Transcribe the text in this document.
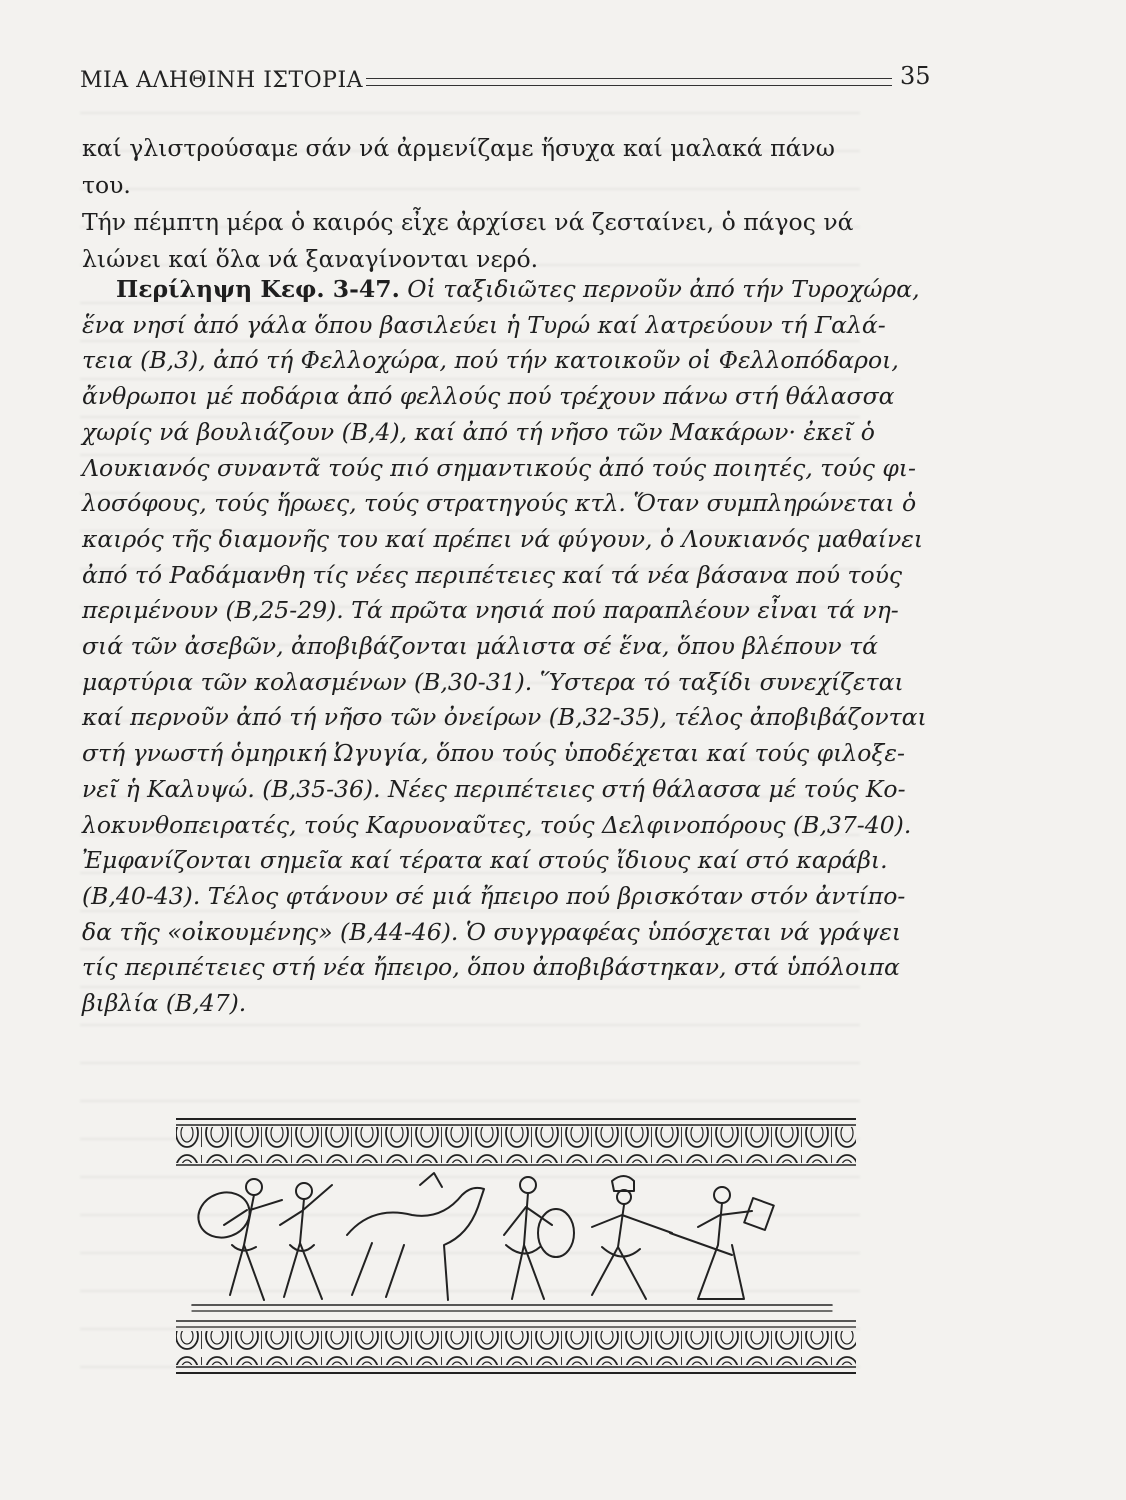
ΜΙΑ ΑΛΗΘΙΝΗ ΙΣΤΟΡΙΑ	35
καί γλιστρούσαμε σάν νά ἀρμενίζαμε ἥσυχα καί μαλακά πάνω του.
Τήν πέμπτη μέρα ὁ καιρός εἶχε ἀρχίσει νά ζεσταίνει, ὁ πάγος νά
λιώνει καί ὅλα νά ξαναγίνονται νερό.
Περίληψη Κεφ. 3-47. Οἱ ταξιδιῶτες περνοῦν ἀπό τήν Τυροχώρα,
ἕνα νησί ἀπό γάλα ὅπου βασιλεύει ἡ Τυρώ καί λατρεύουν τή Γαλά-
τεια (Β,3), ἀπό τή Φελλοχώρα, πού τήν κατοικοῦν οἱ Φελλοπόδαροι,
ἄνθρωποι μέ ποδάρια ἀπό φελλούς πού τρέχουν πάνω στή θάλασσα
χωρίς νά βουλιάζουν (Β,4), καί ἀπό τή νῆσο τῶν Μακάρων· ἐκεῖ ὁ
Λουκιανός συναντᾶ τούς πιό σημαντικούς ἀπό τούς ποιητές, τούς φι-
λοσόφους, τούς ἥρωες, τούς στρατηγούς κτλ. Ὅταν συμπληρώνεται ὁ
καιρός τῆς διαμονῆς του καί πρέπει νά φύγουν, ὁ Λουκιανός μαθαίνει
ἀπό τό Ραδάμανθη τίς νέες περιπέτειες καί τά νέα βάσανα πού τούς
περιμένουν (Β,25-29). Τά πρῶτα νησιά πού παραπλέουν εἶναι τά νη-
σιά τῶν ἀσεβῶν, ἀποβιβάζονται μάλιστα σέ ἕνα, ὅπου βλέπουν τά
μαρτύρια τῶν κολασμένων (Β,30-31). Ὕστερα τό ταξίδι συνεχίζεται
καί περνοῦν ἀπό τή νῆσο τῶν ὀνείρων (Β,32-35), τέλος ἀποβιβάζονται
στή γνωστή ὁμηρική Ὠγυγία, ὅπου τούς ὑποδέχεται καί τούς φιλοξε-
νεῖ ἡ Καλυψώ. (Β,35-36). Νέες περιπέτειες στή θάλασσα μέ τούς Κο-
λοκυνθοπειρατές, τούς Καρυοναῦτες, τούς Δελφινοπόρους (Β,37-40).
Ἐμφανίζονται σημεῖα καί τέρατα καί στούς ἴδιους καί στό καράβι.
(Β,40-43). Τέλος φτάνουν σέ μιά ἤπειρο πού βρισκόταν στόν ἀντίπο-
δα τῆς «οἰκουμένης» (Β,44-46). Ὁ συγγραφέας ὑπόσχεται νά γράψει
τίς περιπέτειες στή νέα ἤπειρο, ὅπου ἀποβιβάστηκαν, στά ὑπόλοιπα
βιβλία (Β,47).
